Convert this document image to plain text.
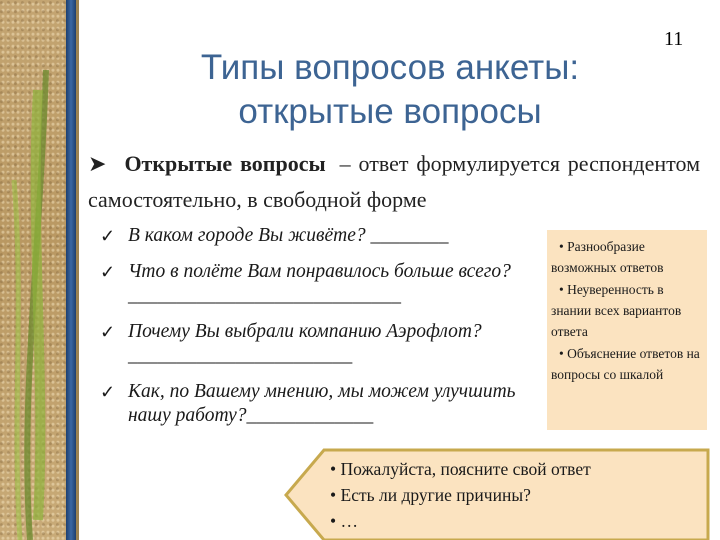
11
Типы вопросов анкеты:
открытые вопросы
➤ Открытые вопросы – ответ формулируется респондентом самостоятельно, в свободной форме
✓ В каком городе Вы живёте? ________
✓ Что в полёте Вам понравилось больше всего?____________________________
✓ Почему Вы выбрали компанию Аэрофлот?_______________________
✓ Как, по Вашему мнению, мы можем улучшить нашу работу?_____________
• Разнообразие возможных ответов
• Неуверенность в знании всех вариантов ответа
• Объяснение ответов на вопросы со шкалой
• Пожалуйста, поясните свой ответ
• Есть ли другие причины?
• …
